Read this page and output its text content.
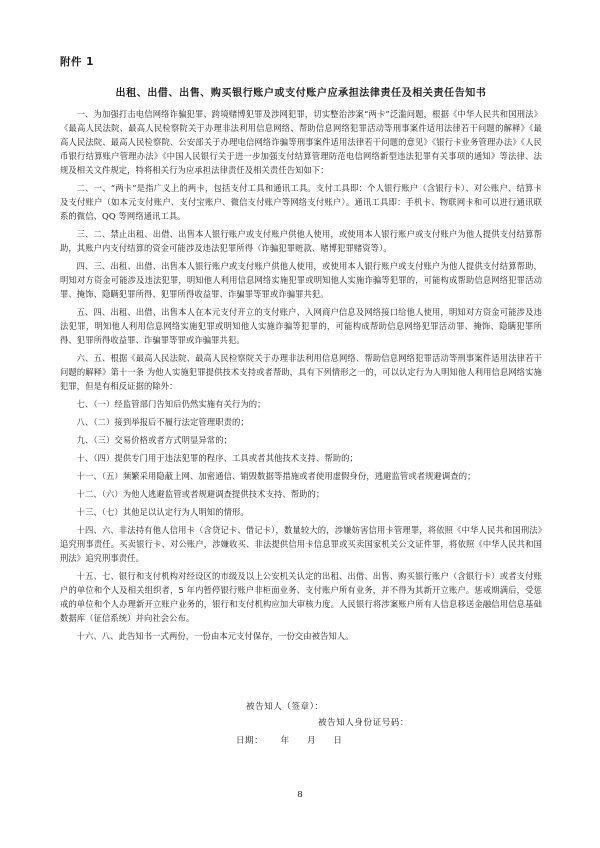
附件 1
出租、出借、出售、购买银行账户或支付账户应承担法律责任及相关责任告知书

一、为加强打击电信网络诈骗犯罪、跨境赌博犯罪及涉网犯罪，切实整治涉案“两卡”泛滥问题，根据《中华人民共和国刑法》《最高人民法院、最高人民检察院关于办理非法利用信息网络、帮助信息网络犯罪活动等刑事案件适用法律若干问题的解释》《最高人民法院、最高人民检察院、公安部关于办理电信网络诈骗等刑事案件适用法律若干问题的意见》《银行卡业务管理办法》《人民币银行结算账户管理办法》《中国人民银行关于进一步加强支付结算管理防范电信网络新型违法犯罪有关事项的通知》等法律、法规及相关文件规定，特将相关行为应承担法律责任及相关责任告知如下：

二、一、“两卡”是指广义上的两卡，包括支付工具和通讯工具。支付工具即：个人银行账户（含银行卡）、对公账户、结算卡及支付账户（如本元支付账户、支付宝账户、微信支付账户等网络支付账户）。通讯工具即：手机卡、物联网卡和可以进行通讯联系的微信、QQ 等网络通讯工具。

三、二、禁止出租、出借、出售本人银行账户或支付账户供他人使用，或使用本人银行账户或支付账户为他人提供支付结算帮助，其账户内支付结算的资金可能涉及违法犯罪所得（诈骗犯罪赃款、赌博犯罪赌资等）。

四、三、出租、出借、出售本人银行账户或支付账户供他人使用，或使用本人银行账户或支付账户为他人提供支付结算帮助，明知对方资金可能涉及违法犯罪，明知他人利用信息网络实施犯罪或明知他人实施诈骗等犯罪的，可能构成帮助信息网络犯罪活动罪、掩饰、隐瞒犯罪所得、犯罪所得收益罪、诈骗罪等罪或诈骗罪共犯。

五、四、出租、出借、出售本人在本元支付开立的支付账户、入网商户信息及网络接口给他人使用，明知对方资金可能涉及违法犯罪，明知他人利用信息网络实施犯罪或明知他人实施诈骗等犯罪的，可能构成帮助信息网络犯罪活动罪、掩饰、隐瞒犯罪所得、犯罪所得收益罪、诈骗罪等罪或诈骗罪共犯。

六、五、根据《最高人民法院、最高人民检察院关于办理非法利用信息网络、帮助信息网络犯罪活动等刑事案件适用法律若干问题的解释》第十一条 为他人实施犯罪提供技术支持或者帮助，具有下列情形之一的，可以认定行为人明知他人利用信息网络实施犯罪，但是有相反证据的除外：

七、（一）经监管部门告知后仍然实施有关行为的；

八、（二）接到举报后不履行法定管理职责的；

九、（三）交易价格或者方式明显异常的；

十、（四）提供专门用于违法犯罪的程序、工具或者其他技术支持、帮助的；

十一、（五）频繁采用隐蔽上网、加密通信、销毁数据等措施或者使用虚假身份，逃避监管或者规避调查的；

十二、（六）为他人逃避监管或者规避调查提供技术支持、帮助的；

十三、（七）其他足以认定行为人明知的情形。

十四、六、非法持有他人信用卡（含贷记卡、借记卡），数量较大的，涉嫌妨害信用卡管理罪，将依照《中华人民共和国刑法》追究刑事责任。买卖银行卡、对公账户，涉嫌收买、非法提供信用卡信息罪或买卖国家机关公文证件罪，将依照《中华人民共和国刑法》追究刑事责任。

十五、七、银行和支付机构对经设区的市级及以上公安机关认定的出租、出借、出售、购买银行账户（含银行卡）或者支付账户的单位和个人及相关组织者，5 年内暂停银行账户非柜面业务、支付账户所有业务，并不得为其新开立账户。惩戒期满后，受惩戒的单位和个人办理新开立账户业务的，银行和支付机构应加大审核力度。人民银行将涉案账户所有人信息移送金融信用信息基础数据库（征信系统）并向社会公布。

十六、八、此告知书一式两份，一份由本元支付保存，一份交由被告知人。

被告知人（签章）：
被告知人身份证号码：
日期： 年 月 日
8
